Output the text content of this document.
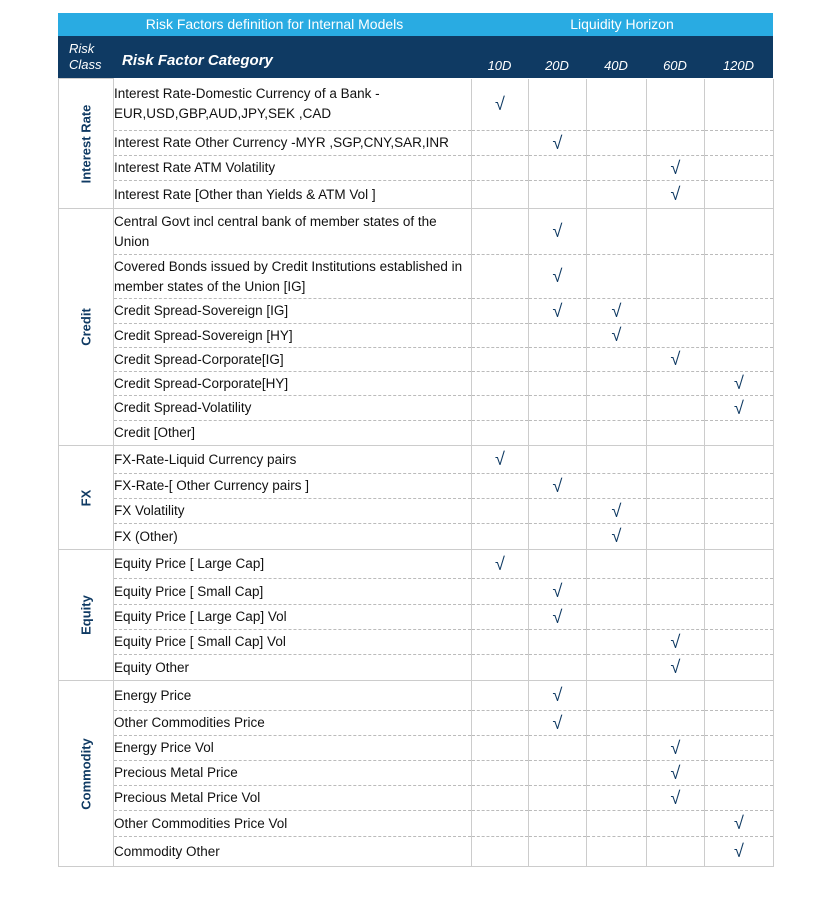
Risk Factors definition for Internal Models	Liquidity Horizon
Risk
Class Risk Factor Category	10D	20D	40D	60D	120D
Interest Rate	Interest Rate-Domestic Currency of a Bank - EUR,USD,GBP,AUD,JPY,SEK ,CAD	√				
	Interest Rate Other Currency -MYR ,SGP,CNY,SAR,INR		√			
	Interest Rate ATM Volatility				√	
	Interest Rate [Other than Yields & ATM Vol ]				√	

Credit	Central Govt incl central bank of member states of the Union		√			
	Covered Bonds issued by Credit Institutions established in member states of the Union [IG]		√			
	Credit Spread-Sovereign [IG]		√	√		
	Credit Spread-Sovereign [HY]			√		
	Credit Spread-Corporate[IG]				√	
	Credit Spread-Corporate[HY]					√
	Credit Spread-Volatility					√
	Credit [Other]					

FX	FX-Rate-Liquid Currency pairs	√				
	FX-Rate-[ Other Currency pairs ]		√			
	FX Volatility			√		
	FX (Other)			√		

Equity	Equity Price [ Large Cap]	√				
	Equity Price [ Small Cap]		√			
	Equity Price [ Large Cap] Vol		√			
	Equity Price [ Small Cap] Vol				√	
	Equity Other				√	

Commodity	Energy Price		√			
	Other Commodities Price		√			
	Energy Price Vol				√	
	Precious Metal Price				√	
	Precious Metal Price Vol				√	
	Other Commodities Price Vol					√
	Commodity Other					√
